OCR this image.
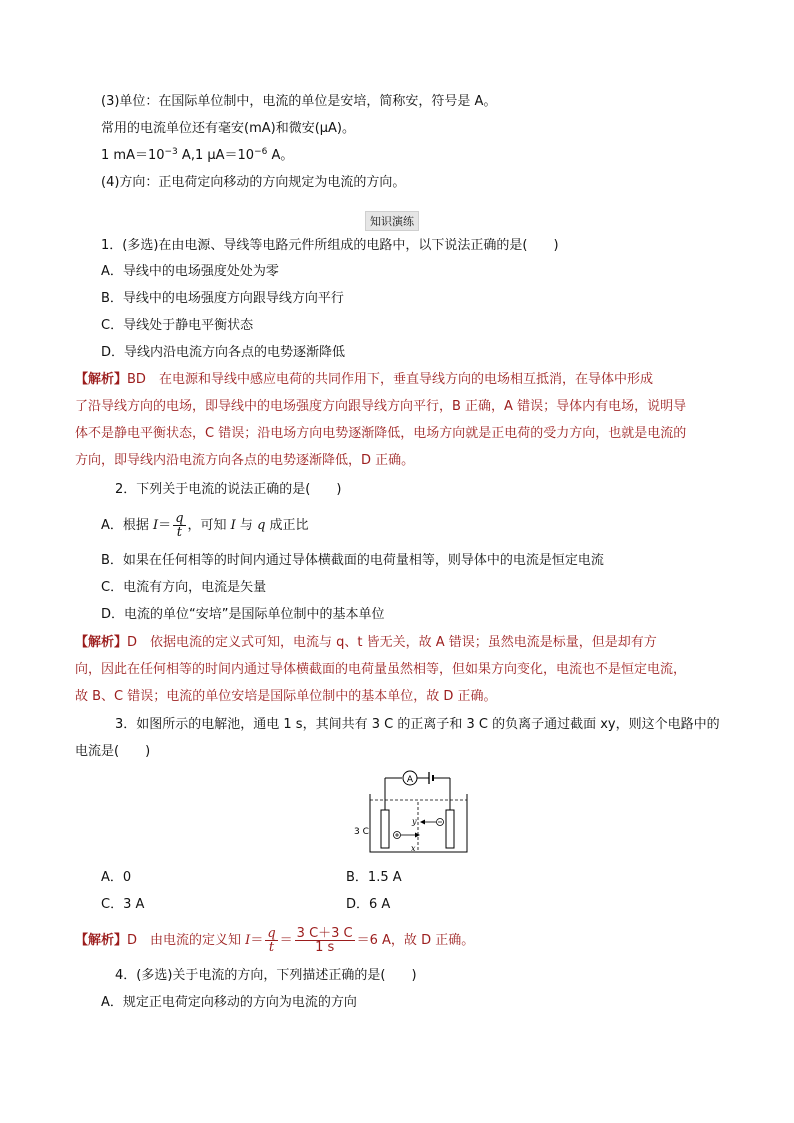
(3)单位：在国际单位制中，电流的单位是安培，简称安，符号是 A。
常用的电流单位还有毫安(mA)和微安(μA)。
1 $mA=10^{-3}$ A,1 $\mu A=10^{-6}$ A。
(4)方向：正电荷定向移动的方向规定为电流的方向。
知识演练
1．(多选)在由电源、导线等电路元件所组成的电路中，以下说法正确的是(　　)
A．导线中的电场强度处处为零
B．导线中的电场强度方向跟导线方向平行
C．导线处于静电平衡状态
D．导线内沿电流方向各点的电势逐渐降低
【解析】BD　在电源和导线中感应电荷的共同作用下，垂直导线方向的电场相互抵消，在导体中形成
了沿导线方向的电场，即导线中的电场强度方向跟导线方向平行，B 正确，A 错误；导体内有电场，说明导
体不是静电平衡状态，C 错误；沿电场方向电势逐渐降低，电场方向就是正电荷的受力方向，也就是电流的
方向，即导线内沿电流方向各点的电势逐渐降低，D 正确。
2．下列关于电流的说法正确的是(　　)
A．根据 $I= \frac{q}{t}$ ，可知 I 与 q 成正比
B．如果在任何相等的时间内通过导体横截面的电荷量相等，则导体中的电流是恒定电流
C．电流有方向，电流是矢量
D．电流的单位“安培”是国际单位制中的基本单位
【解析】D　依据电流的定义式可知，电流与 q、t 皆无关，故 A 错误；虽然电流是标量，但是却有方
向，因此在任何相等的时间内通过导体横截面的电荷量虽然相等，但如果方向变化，电流也不是恒定电流，
故 B、C 错误；电流的单位安培是国际单位制中的基本单位，故 D 正确。
3．如图所示的电解池，通电 1 s，其间共有 3 C 的正离子和 3 C 的负离子通过截面 xy，则这个电路中的
电流是(　　)
A
y
x
3 C
A．0	B．1.5 A
C．3 A	D．6 A
【解析】D　由电流的定义知 $I= \frac{q}{t} = \frac{3 C+3 C}{1 s} =6$ A，故 D 正确。
4．(多选)关于电流的方向，下列描述正确的是(　　)
A．规定正电荷定向移动的方向为电流的方向
